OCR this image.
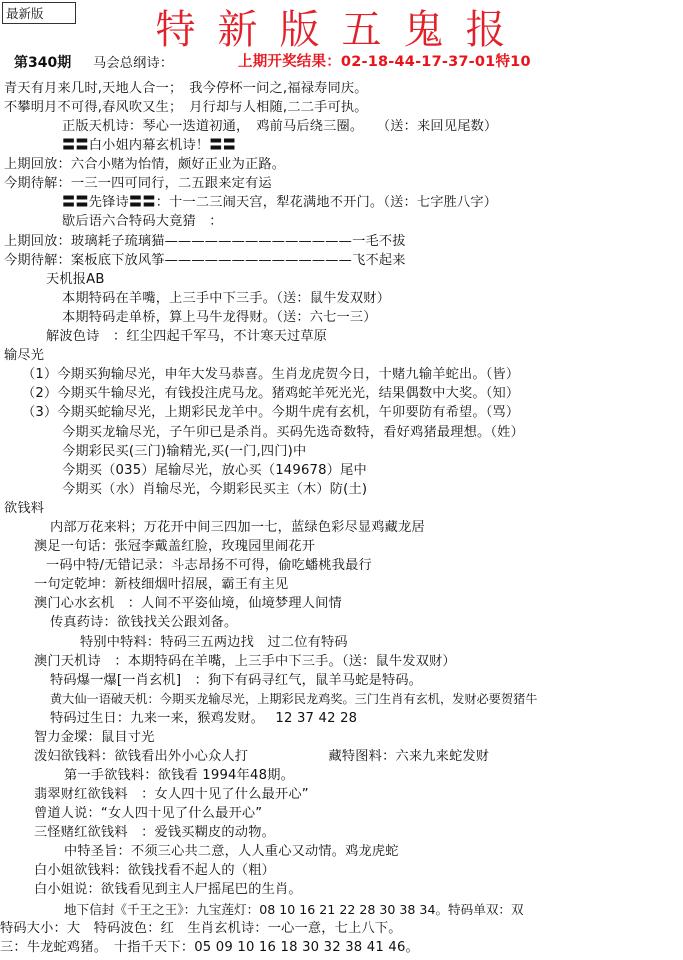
最新版	特新版五鬼报
第340期 马会总纲诗：	上期开奖结果：02-18-44-17-37-01特10
青天有月来几时,天地人合一；　我今停杯一问之,福禄寿同庆。
不攀明月不可得,春风吹又生；　月行却与人相随,二二手可执。
正版天机诗：琴心一迭道初通，　鸡前马后绕三圈。　　（送：来回见尾数）
〓〓白小姐内幕玄机诗！〓〓
上期回放：六合小赌为怡情，颇好正业为正路。
今期待解：一三一四可同行，二五跟来定有运
〓〓先锋诗〓〓：十一二三闹天宫，犁花满地不开门。（送：七字胜八字）
歇后语六合特码大竟猜　：
上期回放：玻璃耗子琉璃猫——————————————一毛不拔
今期待解：案板底下放风筝——————————————飞不起来
天机报AB
本期特码在羊嘴，上三手中下三手。（送：鼠牛发双财）
本期特码走单桥，算上马牛龙得财。（送：六七一三）
解波色诗　：红尘四起千军马，不计寒天过草原
输尽光
（1）今期买狗输尽光，申年大发马恭喜。生肖龙虎贺今日，十赌九输羊蛇出。（皆）
（2）今期买牛输尽光，有钱投注虎马龙。猪鸡蛇羊死光光，结果偶数中大奖。（知）
（3）今期买蛇输尽光，上期彩民龙羊中。今期牛虎有玄机，午卯要防有希望。（骂）
今期买龙输尽光，子午卯已是杀肖。买码先选奇数特，看好鸡猪最理想。（姓）
今期彩民买(三门)输精光,买(一门,四门)中
今期买（035）尾输尽光，放心买（149678）尾中
今期买（水）肖输尽光，今期彩民买主（木）防(土)
欲钱料
内部万花来料；万花开中间三四加一七，蓝绿色彩尽显鸡藏龙居
澳足一句话：张冠李戴盖红脸，玫瑰园里闹花开
一码中特/无错记录：斗志昂扬不可得，偷吃蟠桃我最行
一句定乾坤：新枝细烟叶招展，霸王有主见
澳门心水玄机　：人间不平姿仙境，仙境梦理人间情
传真药诗：欲钱找关公跟刘备。
特别中特料：特码三五两边找　过二位有特码
澳门天机诗　：本期特码在羊嘴，上三手中下三手。（送：鼠牛发双财）
特码爆一爆[一肖玄机]　：狗下有码寻红气，鼠羊马蛇是特码。
黄大仙一语破天机：今期买龙输尽光，上期彩民龙鸡奖。三门生肖有玄机，发财必要贺猪牛
特码过生日：九来一来，猴鸡发财。　 12 37 42 28
智力金墚：鼠目寸光
泼妇欲钱料：欲钱看出外小心众人打　　　　　　藏特图料：六来九来蛇发财
第一手欲钱料：欲钱看 1994年48期。
翡翠财红欲钱料　：女人四十见了什么最开心”
曾道人说：“女人四十见了什么最开心”
三怪赌红欲钱料　：爱钱买糊皮的动物。
中特圣旨：不须三心共二意，人人重心又动情。鸡龙虎蛇
白小姐欲钱料：欲钱找看不起人的（粗）
白小姐说：欲钱看见到主人尸摇尾巴的生肖。
地下信封《千王之王》：九宝莲灯：08 10 16 21 22 28 30 38 34。特码单双：双
特码大小：大　特码波色：红　生肖玄机诗：一心一意，七上八下。
三：牛龙蛇鸡猪。　十指千天下：05 09 10 16 18 30 32 38 41 46。
